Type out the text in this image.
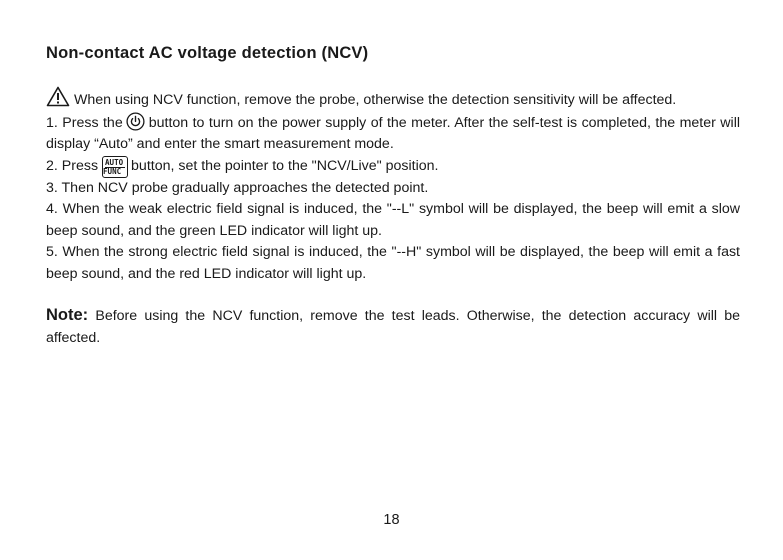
Non-contact AC voltage detection (NCV)

When using NCV function, remove the probe, otherwise the detection sensitivity will be affected.

1. Press the button to turn on the power supply of the meter. After the self-test is completed, the meter will display “Auto” and enter the smart measurement mode.

2. Press AUTO
FUNC button, set the pointer to the "NCV/Live" position.

3. Then NCV probe gradually approaches the detected point.

4. When the weak electric field signal is induced, the "--L" symbol will be displayed, the beep will emit a slow beep sound, and the green LED indicator will light up.

5. When the strong electric field signal is induced, the "--H" symbol will be displayed, the beep will emit a fast beep sound, and the red LED indicator will light up.

Note: Before using the NCV function, remove the test leads. Otherwise, the detection accuracy will be affected.

18
